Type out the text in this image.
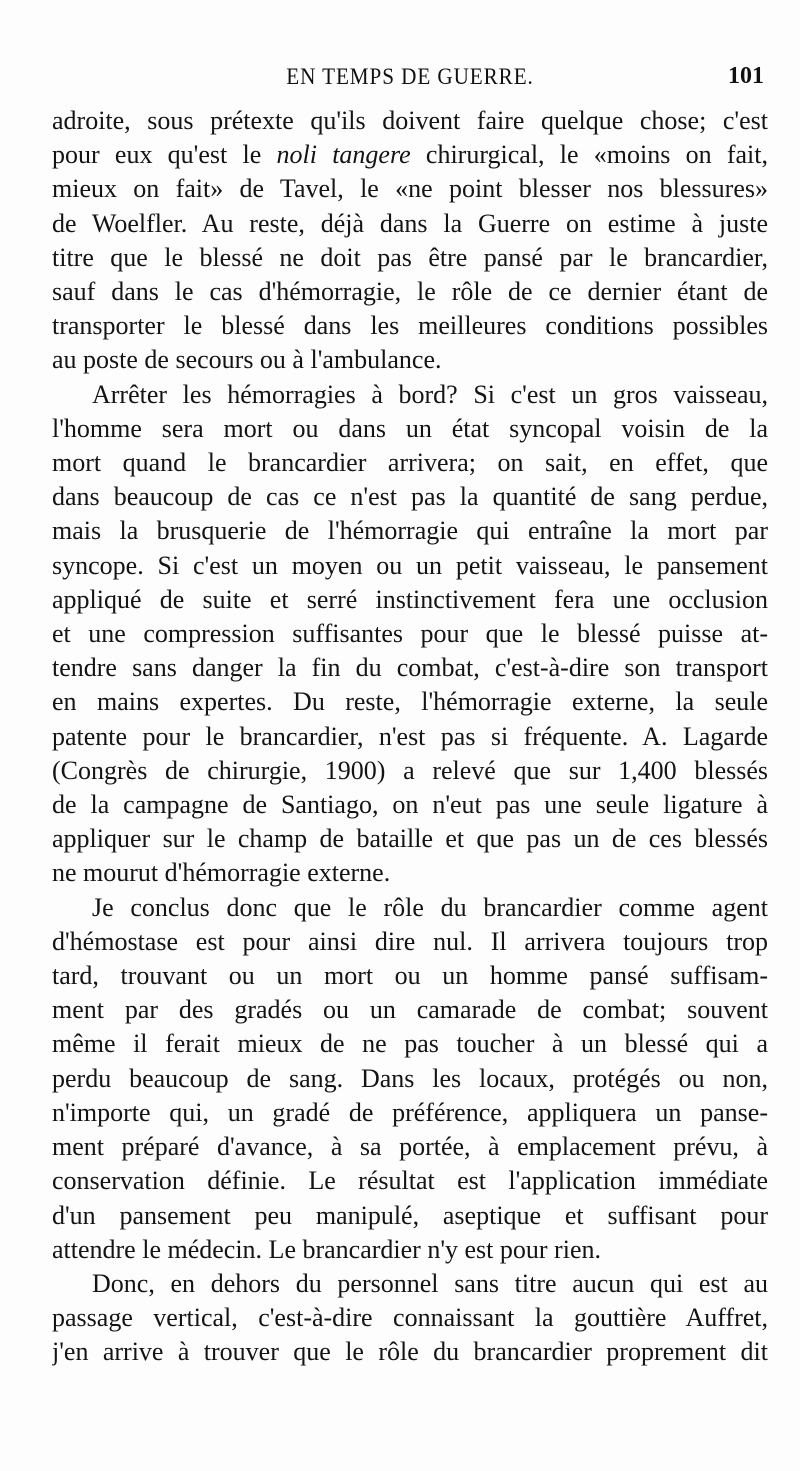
EN TEMPS DE GUERRE.	101
adroite, sous prétexte qu'ils doivent faire quelque chose; c'est
pour eux qu'est le noli tangere chirurgical, le «moins on fait,
mieux on fait» de Tavel, le «ne point blesser nos blessures»
de Woelfler. Au reste, déjà dans la Guerre on estime à juste
titre que le blessé ne doit pas être pansé par le brancardier,
sauf dans le cas d'hémorragie, le rôle de ce dernier étant de
transporter le blessé dans les meilleures conditions possibles
au poste de secours ou à l'ambulance.
Arrêter les hémorragies à bord? Si c'est un gros vaisseau,
l'homme sera mort ou dans un état syncopal voisin de la
mort quand le brancardier arrivera; on sait, en effet, que
dans beaucoup de cas ce n'est pas la quantité de sang perdue,
mais la brusquerie de l'hémorragie qui entraîne la mort par
syncope. Si c'est un moyen ou un petit vaisseau, le pansement
appliqué de suite et serré instinctivement fera une occlusion
et une compression suffisantes pour que le blessé puisse at-
tendre sans danger la fin du combat, c'est-à-dire son transport
en mains expertes. Du reste, l'hémorragie externe, la seule
patente pour le brancardier, n'est pas si fréquente. A. Lagarde
(Congrès de chirurgie, 1900) a relevé que sur 1,400 blessés
de la campagne de Santiago, on n'eut pas une seule ligature à
appliquer sur le champ de bataille et que pas un de ces blessés
ne mourut d'hémorragie externe.
Je conclus donc que le rôle du brancardier comme agent
d'hémostase est pour ainsi dire nul. Il arrivera toujours trop
tard, trouvant ou un mort ou un homme pansé suffisam-
ment par des gradés ou un camarade de combat; souvent
même il ferait mieux de ne pas toucher à un blessé qui a
perdu beaucoup de sang. Dans les locaux, protégés ou non,
n'importe qui, un gradé de préférence, appliquera un panse-
ment préparé d'avance, à sa portée, à emplacement prévu, à
conservation définie. Le résultat est l'application immédiate
d'un pansement peu manipulé, aseptique et suffisant pour
attendre le médecin. Le brancardier n'y est pour rien.
Donc, en dehors du personnel sans titre aucun qui est au
passage vertical, c'est-à-dire connaissant la gouttière Auffret,
j'en arrive à trouver que le rôle du brancardier proprement dit
